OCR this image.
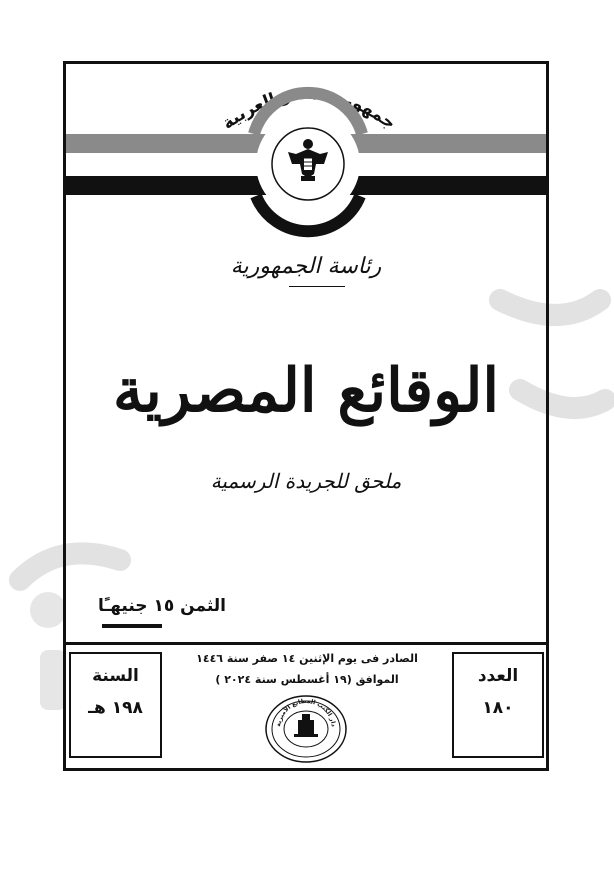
جمهورية مصر العربية
رئاسة الجمهورية
الوقائع المصرية
ملحق للجريدة الرسمية
الثمن ١٥ جنيهـًا
السنة
١٩٨ هـ
الصادر فى يوم الإثنين ١٤ صفر سنة ١٤٤٦
الموافق (١٩ أغسطس سنة ٢٠٢٤ )	العدد
١٨٠
دار الكتب المطابع الأميرية
